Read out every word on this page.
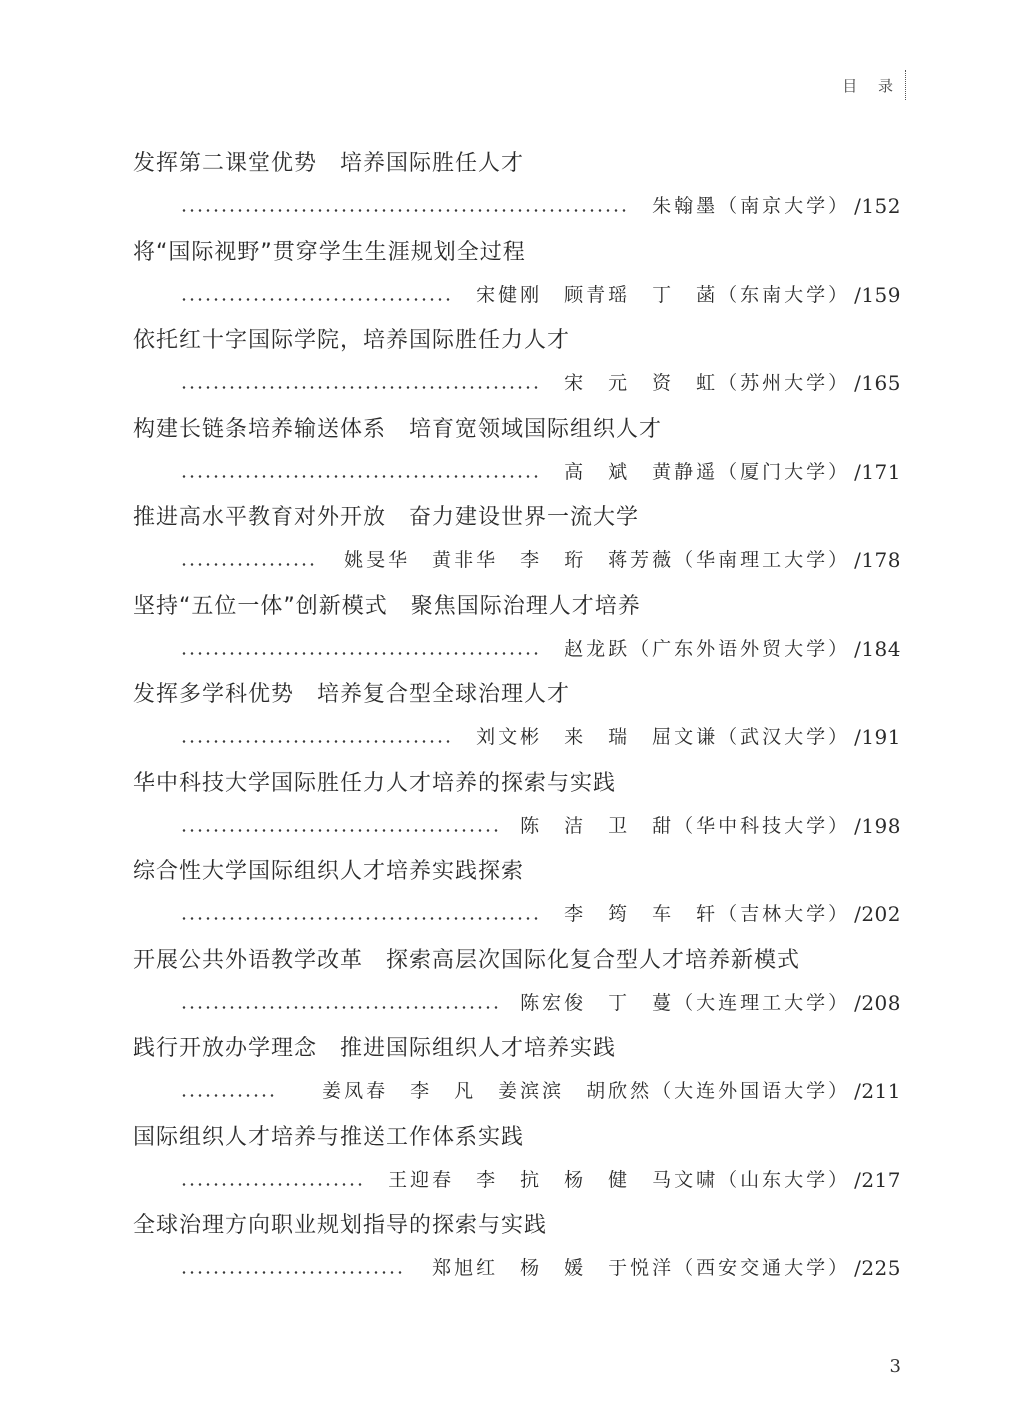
目 录
发挥第二课堂优势　培养国际胜任人才
朱翰墨（南京大学） /152
将“国际视野”贯穿学生生涯规划全过程
宋健刚　顾青瑶　丁　菡（东南大学） /159
依托红十字国际学院，培养国际胜任力人才
宋　元　资　虹（苏州大学） /165
构建长链条培养输送体系　培育宽领域国际组织人才
高　斌　黄静遥（厦门大学） /171
推进高水平教育对外开放　奋力建设世界一流大学
姚旻华　黄非华　李　珩　蒋芳薇（华南理工大学） /178
坚持“五位一体”创新模式　聚焦国际治理人才培养
赵龙跃（广东外语外贸大学） /184
发挥多学科优势　培养复合型全球治理人才
刘文彬　来　瑞　屈文谦（武汉大学） /191
华中科技大学国际胜任力人才培养的探索与实践
陈　洁　卫　甜（华中科技大学） /198
综合性大学国际组织人才培养实践探索
李　筠　车　轩（吉林大学） /202
开展公共外语教学改革　探索高层次国际化复合型人才培养新模式
陈宏俊　丁　蔓（大连理工大学） /208
践行开放办学理念　推进国际组织人才培养实践
姜凤春　李　凡　姜滨滨　胡欣然（大连外国语大学） /211
国际组织人才培养与推送工作体系实践
王迎春　李　抗　杨　健　马文啸（山东大学） /217
全球治理方向职业规划指导的探索与实践
郑旭红　杨　媛　于悦洋（西安交通大学） /225
3
